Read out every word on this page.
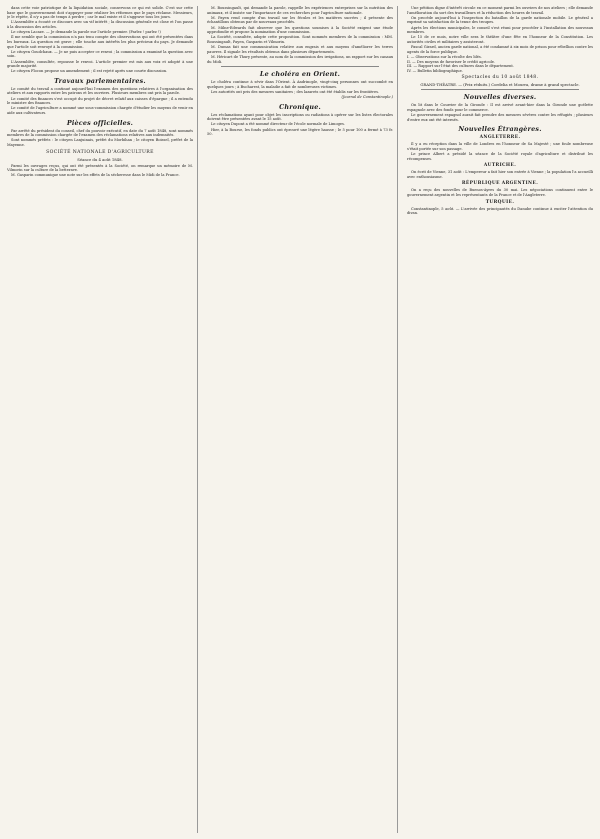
dans cette voie patriotique de la liquidation sociale, conservons ce qui est solide. C'est sur cette base que le gouvernement doit s'appuyer pour réaliser les réformes que le pays réclame. Messieurs, je le répète, il n'y a pas de temps à perdre ; car le mal existe et il s'aggrave tous les jours.

L'Assemblée a écouté ce discours avec un vif intérêt ; la discussion générale est close et l'on passe à la discussion des articles.

Le citoyen Lacaze. — Je demande la parole sur l'article premier. (Parlez ! parlez !)

Il me semble que la commission n'a pas tenu compte des observations qui ont été présentées dans les bureaux. La question est grave ; elle touche aux intérêts les plus précieux du pays. Je demande que l'article soit renvoyé à la commission.

Le citoyen Goudchaux. — Je ne puis accepter ce renvoi ; la commission a examiné la question avec soin.

L'Assemblée, consultée, repousse le renvoi. L'article premier est mis aux voix et adopté à une grande majorité.

Le citoyen Flocon propose un amendement ; il est rejeté après une courte discussion.

Travaux parlementaires.

Le comité du travail a continué aujourd'hui l'examen des questions relatives à l'organisation des ateliers et aux rapports entre les patrons et les ouvriers. Plusieurs membres ont pris la parole.

Le comité des finances s'est occupé du projet de décret relatif aux caisses d'épargne ; il a entendu le ministre des finances.

Le comité de l'agriculture a nommé une sous-commission chargée d'étudier les moyens de venir en aide aux cultivateurs.

Pièces officielles.

Par arrêté du président du conseil, chef du pouvoir exécutif, en date du 7 août 1848, sont nommés membres de la commission chargée de l'examen des réclamations relatives aux indemnités.

Sont nommés préfets : le citoyen Lanjuinais, préfet du Morbihan ; le citoyen Boissel, préfet de la Mayenne.

SOCIÉTÉ NATIONALE D'AGRICULTURE
Séance du 4 août 1848.

Parmi les ouvrages reçus, qui ont été présentés à la Société, on remarque un mémoire de M. Vilmorin sur la culture de la betterave.

M. Gasparin communique une note sur les effets de la sécheresse dans le Midi de la France.

M. Boussingault, qui demande la parole, rappelle les expériences entreprises sur la nutrition des animaux, et il insiste sur l'importance de ces recherches pour l'agriculture nationale.

M. Payen rend compte d'un travail sur les fécules et les matières sucrées ; il présente des échantillons obtenus par de nouveaux procédés.

M. Milne-Edwards fait observer que les questions soumises à la Société exigent une étude approfondie et propose la nomination d'une commission.

La Société, consultée, adopte cette proposition. Sont nommés membres de la commission : MM. Boussingault, Payen, Gasparin et Vilmorin.

M. Dumas fait une communication relative aux engrais et aux moyens d'améliorer les terres pauvres. Il signale les résultats obtenus dans plusieurs départements.

M. Héricart de Thury présente, au nom de la commission des irrigations, un rapport sur les canaux du Midi.

Le choléra en Orient.

Le choléra continue à sévir dans l'Orient. À Andrinople, vingt-cinq personnes ont succombé en quelques jours ; à Bucharest, la maladie a fait de nombreuses victimes.

Les autorités ont pris des mesures sanitaires ; des lazarets ont été établis sur les frontières.

(Journal de Constantinople.)

Chronique.

Les réclamations ayant pour objet les inscriptions ou radiations à opérer sur les listes électorales doivent être présentées avant le 15 août.

Le citoyen Dupont a été nommé directeur de l'école normale de Limoges.

Hier, à la Bourse, les fonds publics ont éprouvé une légère hausse ; le 5 pour 100 a fermé à 73 fr. 50.

Une pétition digne d'intérêt circule en ce moment parmi les ouvriers de nos ateliers ; elle demande l'amélioration du sort des travailleurs et la réduction des heures de travail.

On procède aujourd'hui à l'inspection du bataillon de la garde nationale mobile. Le général a exprimé sa satisfaction de la tenue des troupes.

Après les élections municipales, le conseil s'est réuni pour procéder à l'installation des nouveaux membres.

Le 15 de ce mois, notre ville sera le théâtre d'une fête en l'honneur de la Constitution. Les autorités civiles et militaires y assisteront.

Pascal Girard, ancien garde national, a été condamné à six mois de prison pour rébellion contre les agents de la force publique.

I. — Observations sur la récolte des blés.

II. — Des moyens de favoriser le crédit agricole.

III. — Rapport sur l'état des cultures dans le département.

IV. — Bulletin bibliographique.

Spectacles du 10 août 1848.
GRAND-THÉATRE. — (Prix réduits.) Cordelia et Mourra, drame à grand spectacle.
Nouvelles diverses.

On lit dans le Courrier de la Gironde : Il est arrivé avant-hier dans la Gironde une goélette espagnole avec des fonds pour le commerce.

Le gouvernement espagnol aurait fait prendre des mesures sévères contre les réfugiés ; plusieurs d'entre eux ont été internés.

Nouvelles Étrangères.
ANGLETERRE.

Il y a eu réception dans la ville de Londres en l'honneur de Sa Majesté ; une foule nombreuse s'était portée sur son passage.

Le prince Albert a présidé la séance de la Société royale d'agriculture et distribué les récompenses.

AUTRICHE.

On écrit de Vienne, 31 août : L'empereur a fait hier son entrée à Vienne ; la population l'a accueilli avec enthousiasme.

RÉPUBLIQUE ARGENTINE.

On a reçu des nouvelles de Buenos-Ayres du 30 mai. Les négociations continuent entre le gouvernement argentin et les représentants de la France et de l'Angleterre.

TURQUIE.

Constantinople, 5 août. — L'arrivée des principautés du Danube continue à exciter l'attention du divan.
